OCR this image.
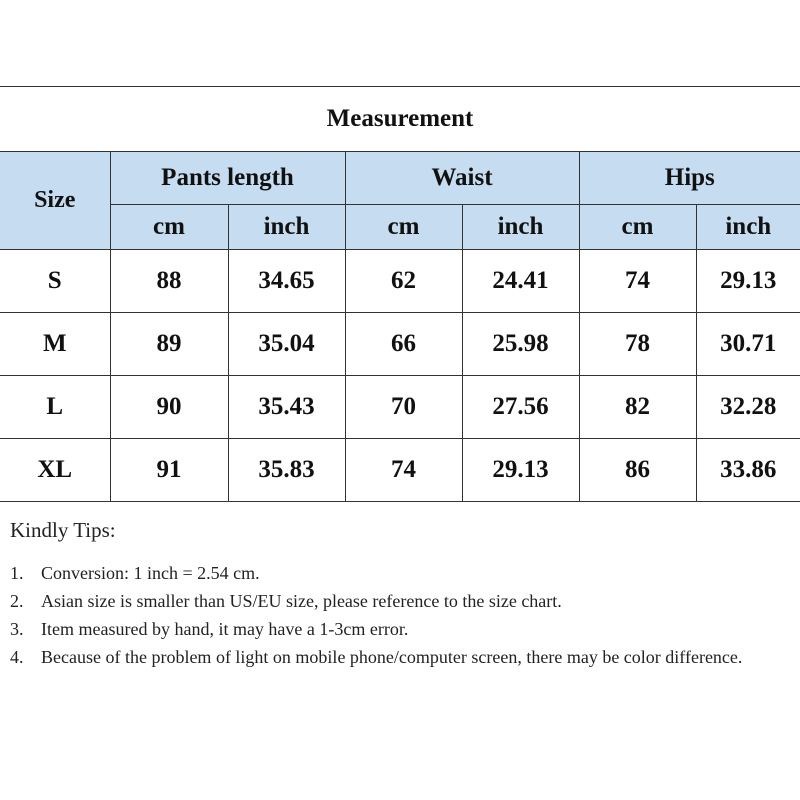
Measurement						
Size	Pants length		Waist		Hips	
	cm	inch	cm	inch	cm	inch
S	88	34.65	62	24.41	74	29.13
M	89	35.04	66	25.98	78	30.71
L	90	35.43	70	27.56	82	32.28
XL	91	35.83	74	29.13	86	33.86
Kindly Tips:
1. Conversion: 1 inch = 2.54 cm.
2. Asian size is smaller than US/EU size, please reference to the size chart.
3. Item measured by hand, it may have a 1-3cm error.
4. Because of the problem of light on mobile phone/computer screen, there may be color difference.
